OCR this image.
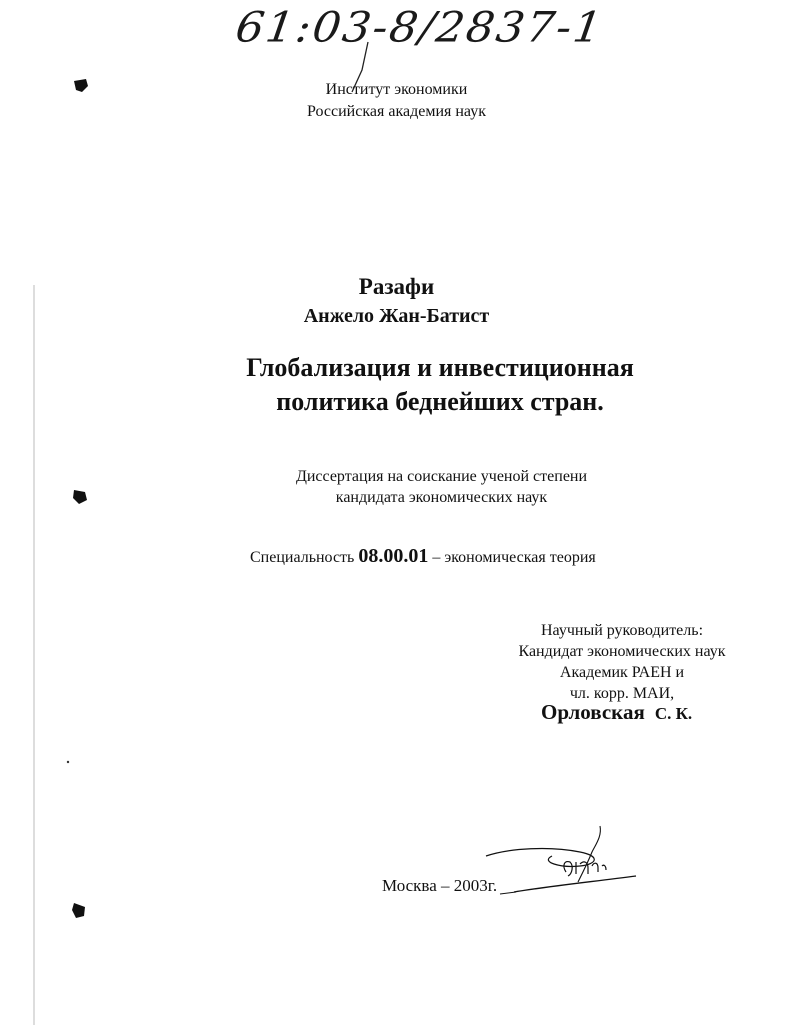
61:03-8/2837-1
Институт экономики
Российская академия наук
Разафи
Анжело Жан-Батист
Глобализация и инвестиционная
политика беднейших стран.
Диссертация на соискание ученой степени
кандидата экономических наук
Специальность 08.00.01 – экономическая теория
Научный руководитель:
Кандидат экономических наук
Академик РАЕН и
чл. корр. МАИ,
Орловская С. К.
Москва – 2003г.
